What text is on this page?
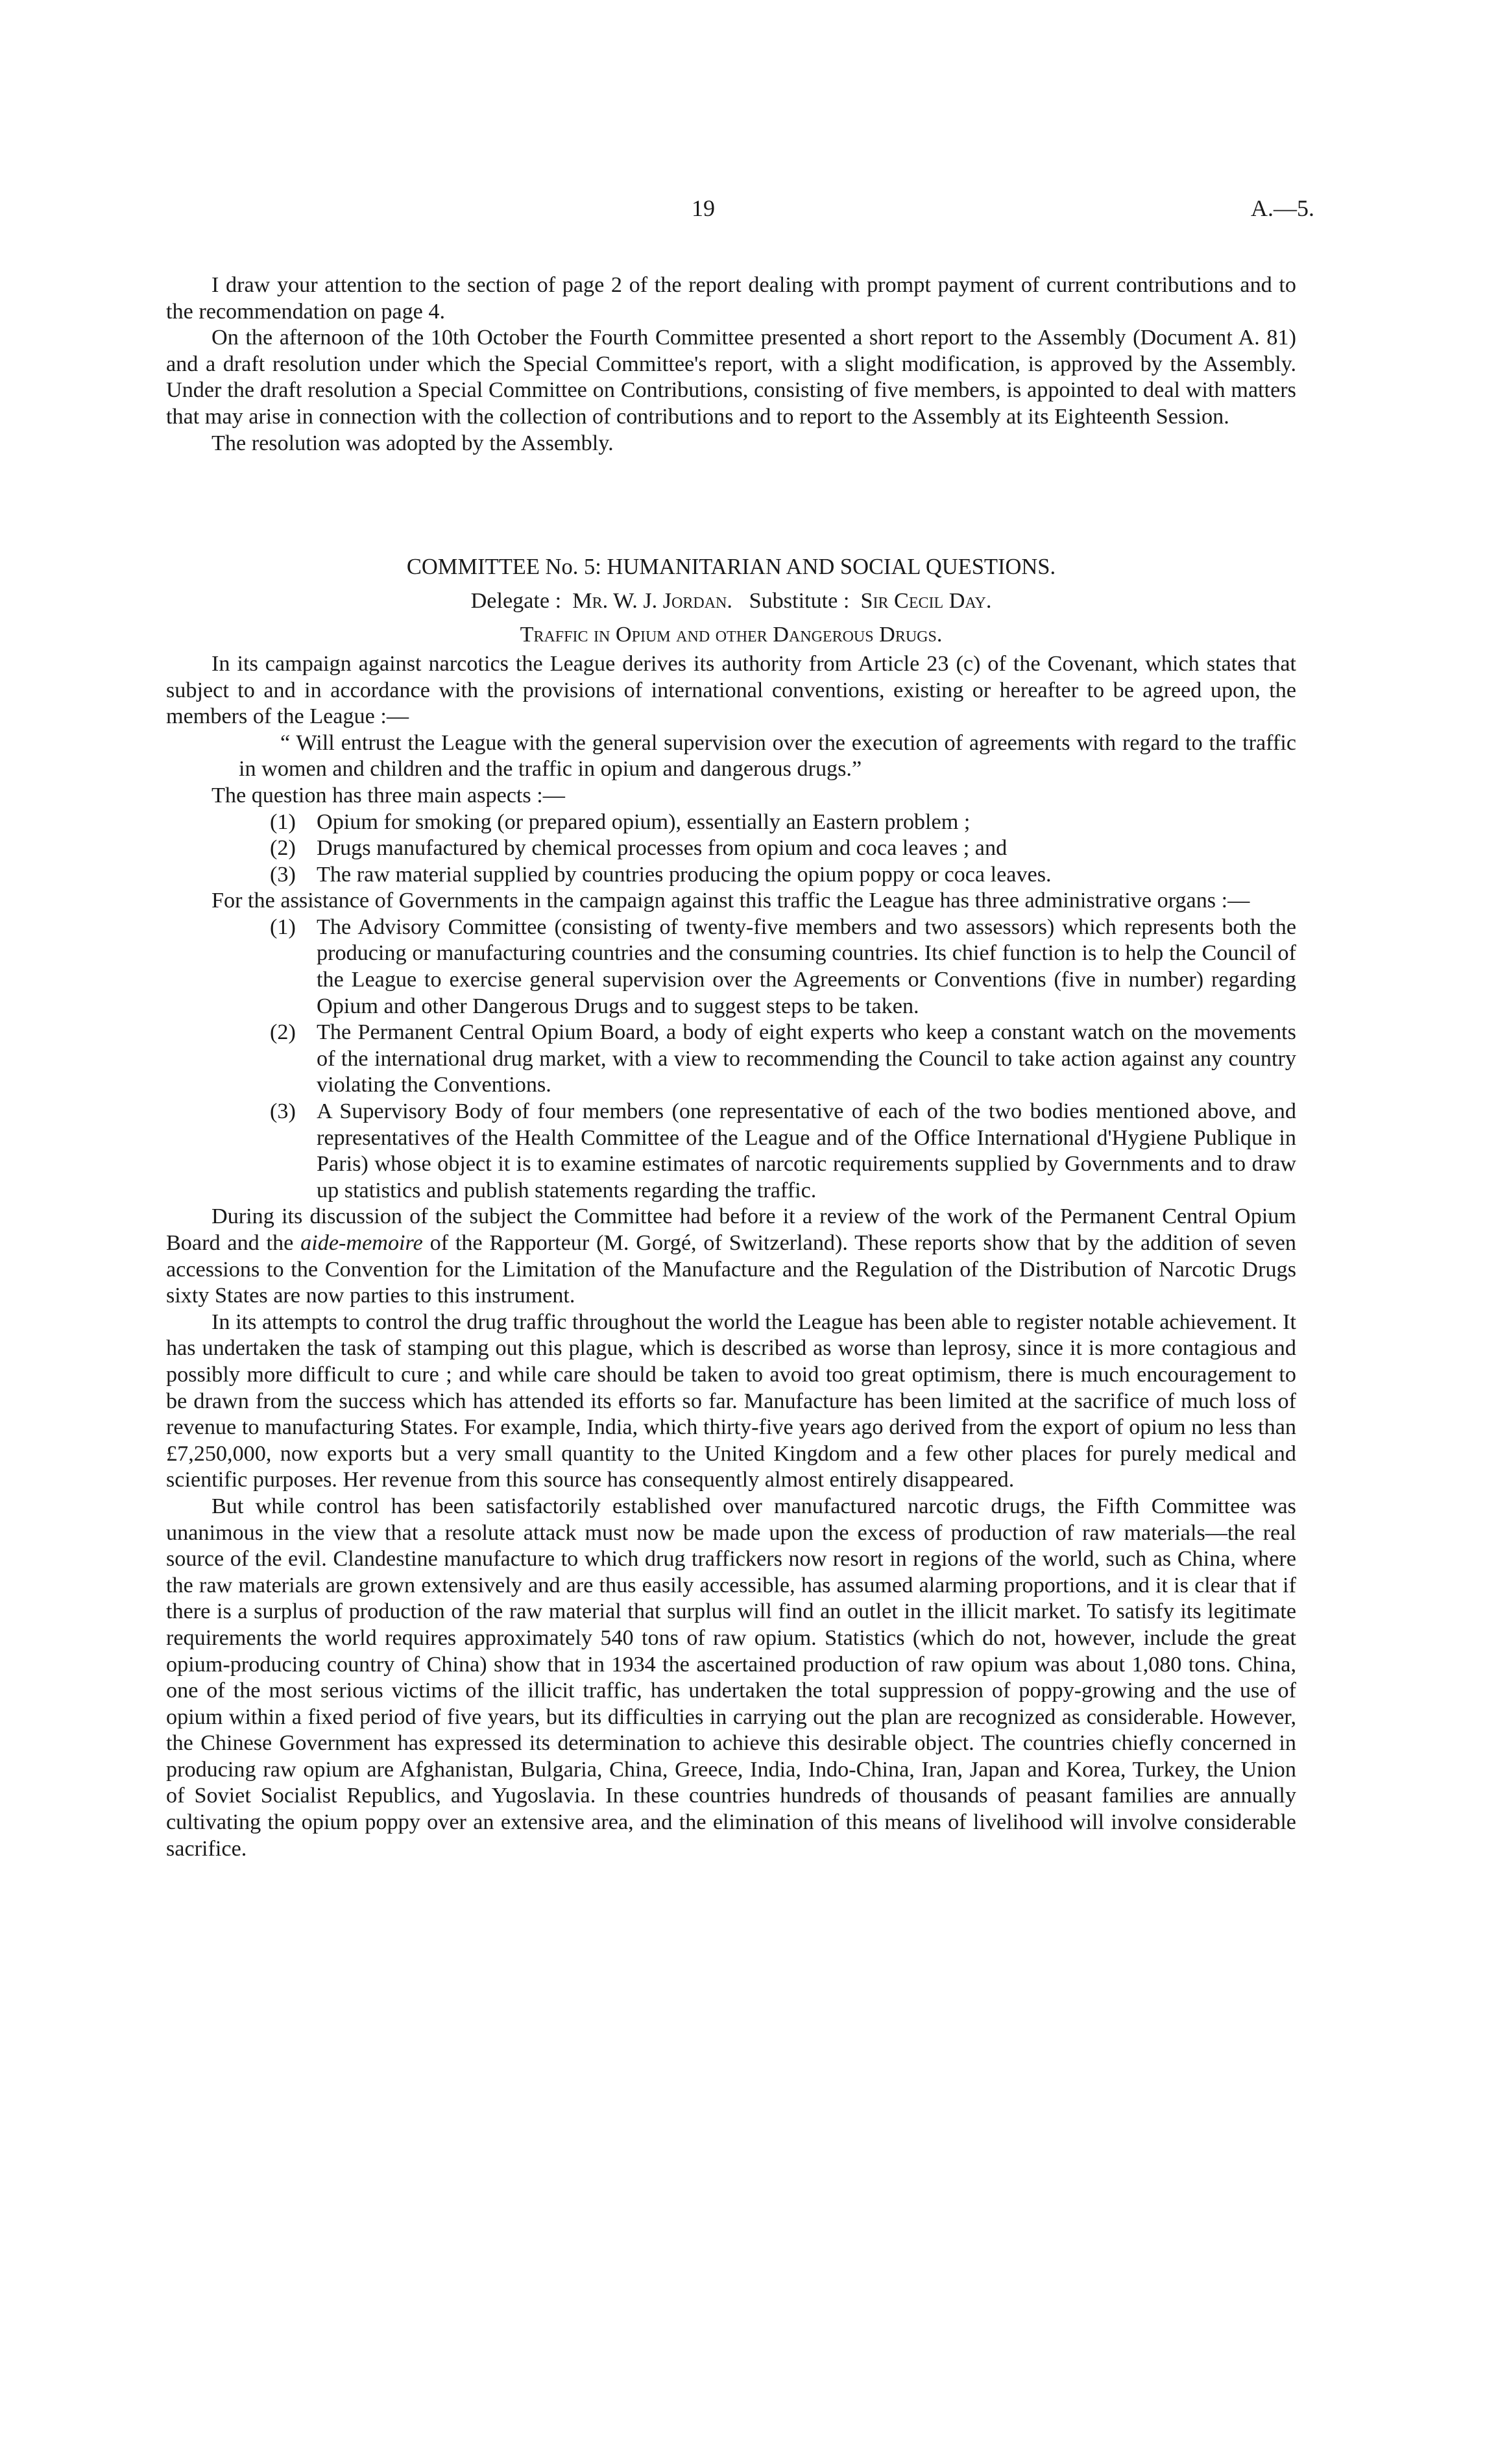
19	A.—5.

I draw your attention to the section of page 2 of the report dealing with prompt payment of current contributions and to the recommendation on page 4.

On the afternoon of the 10th October the Fourth Committee presented a short report to the Assembly (Document A. 81) and a draft resolution under which the Special Committee's report, with a slight modification, is approved by the Assembly. Under the draft resolution a Special Committee on Contributions, consisting of five members, is appointed to deal with matters that may arise in connection with the collection of contributions and to report to the Assembly at its Eighteenth Session.

The resolution was adopted by the Assembly.

COMMITTEE No. 5: HUMANITARIAN AND SOCIAL QUESTIONS.

Delegate : Mr. W. J. Jordan. Substitute : Sir Cecil Day.

Traffic in Opium and other Dangerous Drugs.

In its campaign against narcotics the League derives its authority from Article 23 (c) of the Covenant, which states that subject to and in accordance with the provisions of international conventions, existing or hereafter to be agreed upon, the members of the League :—

“ Will entrust the League with the general supervision over the execution of agreements with regard to the traffic in women and children and the traffic in opium and dangerous drugs.”

The question has three main aspects :—

(1) Opium for smoking (or prepared opium), essentially an Eastern problem ;
(2) Drugs manufactured by chemical processes from opium and coca leaves ; and
(3) The raw material supplied by countries producing the opium poppy or coca leaves.

For the assistance of Governments in the campaign against this traffic the League has three administrative organs :—

(1) The Advisory Committee (consisting of twenty-five members and two assessors) which represents both the producing or manufacturing countries and the consuming countries. Its chief function is to help the Council of the League to exercise general supervision over the Agreements or Conventions (five in number) regarding Opium and other Dangerous Drugs and to suggest steps to be taken.
(2) The Permanent Central Opium Board, a body of eight experts who keep a constant watch on the movements of the international drug market, with a view to recommending the Council to take action against any country violating the Conventions.
(3) A Supervisory Body of four members (one representative of each of the two bodies mentioned above, and representatives of the Health Committee of the League and of the Office International d'Hygiene Publique in Paris) whose object it is to examine estimates of narcotic requirements supplied by Governments and to draw up statistics and publish statements regarding the traffic.

During its discussion of the subject the Committee had before it a review of the work of the Permanent Central Opium Board and the aide-memoire of the Rapporteur (M. Gorgé, of Switzerland). These reports show that by the addition of seven accessions to the Convention for the Limitation of the Manufacture and the Regulation of the Distribution of Narcotic Drugs sixty States are now parties to this instrument.

In its attempts to control the drug traffic throughout the world the League has been able to register notable achievement. It has undertaken the task of stamping out this plague, which is described as worse than leprosy, since it is more contagious and possibly more difficult to cure ; and while care should be taken to avoid too great optimism, there is much encouragement to be drawn from the success which has attended its efforts so far. Manufacture has been limited at the sacrifice of much loss of revenue to manufacturing States. For example, India, which thirty-five years ago derived from the export of opium no less than £7,250,000, now exports but a very small quantity to the United Kingdom and a few other places for purely medical and scientific purposes. Her revenue from this source has consequently almost entirely disappeared.

But while control has been satisfactorily established over manufactured narcotic drugs, the Fifth Committee was unanimous in the view that a resolute attack must now be made upon the excess of production of raw materials—the real source of the evil. Clandestine manufacture to which drug traffickers now resort in regions of the world, such as China, where the raw materials are grown extensively and are thus easily accessible, has assumed alarming proportions, and it is clear that if there is a surplus of production of the raw material that surplus will find an outlet in the illicit market. To satisfy its legitimate requirements the world requires approximately 540 tons of raw opium. Statistics (which do not, however, include the great opium-producing country of China) show that in 1934 the ascertained production of raw opium was about 1,080 tons. China, one of the most serious victims of the illicit traffic, has undertaken the total suppression of poppy-growing and the use of opium within a fixed period of five years, but its difficulties in carrying out the plan are recognized as considerable. However, the Chinese Government has expressed its determination to achieve this desirable object. The countries chiefly concerned in producing raw opium are Afghanistan, Bulgaria, China, Greece, India, Indo-China, Iran, Japan and Korea, Turkey, the Union of Soviet Socialist Republics, and Yugoslavia. In these countries hundreds of thousands of peasant families are annually cultivating the opium poppy over an extensive area, and the elimination of this means of livelihood will involve considerable sacrifice.
